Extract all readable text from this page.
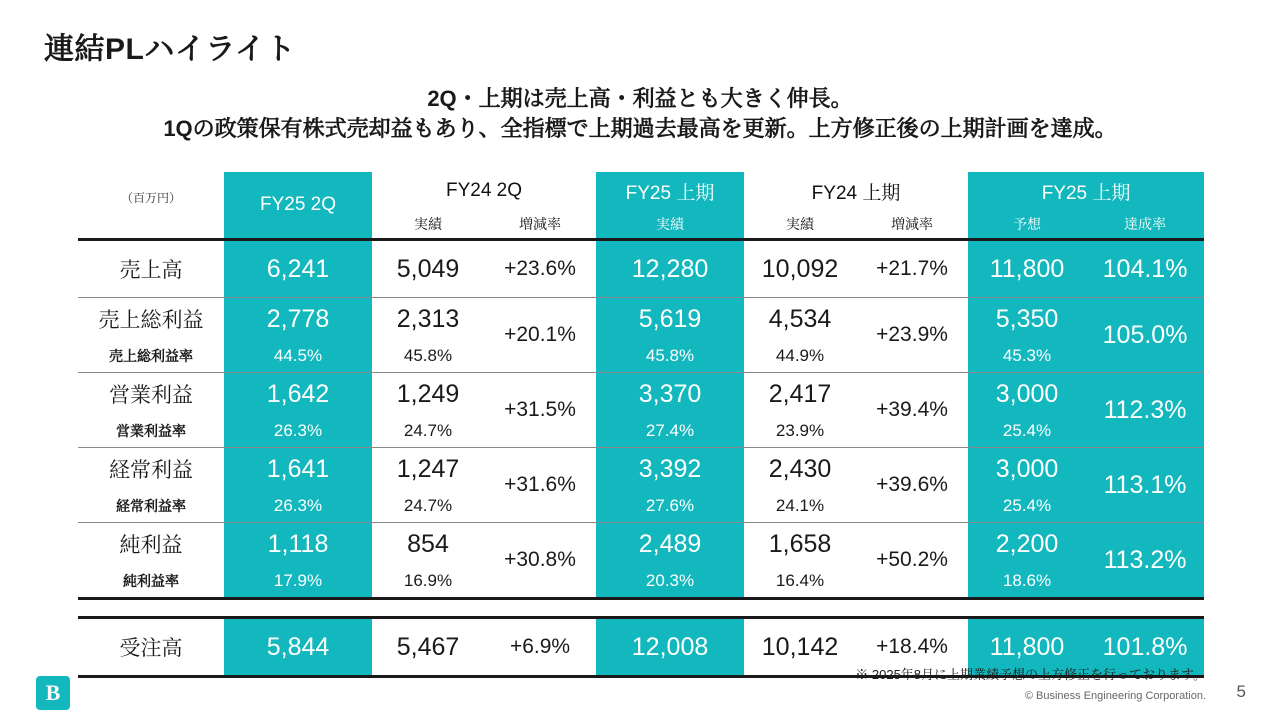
連結PLハイライト
2Q・上期は売上高・利益とも大きく伸長。
1Qの政策保有株式売却益もあり、全指標で上期過去最高を更新。上方修正後の上期計画を達成。
（百万円）	FY25 2Q	FY24 2Q		FY25 上期	FY24 上期		FY25 上期	
		実績	増減率	実績	実績	増減率	予想	達成率

売上高	6,241	5,049	+23.6%	12,280	10,092	+21.7%	11,800	104.1%

売上総利益	2,778	2,313	+20.1%	5,619	4,534	+23.9%	5,350	105.0%
売上総利益率	44.5%	45.8%		45.8%	44.9%		45.3%	

営業利益	1,642	1,249	+31.5%	3,370	2,417	+39.4%	3,000	112.3%
営業利益率	26.3%	24.7%		27.4%	23.9%		25.4%	

経常利益	1,641	1,247	+31.6%	3,392	2,430	+39.6%	3,000	113.1%
経常利益率	26.3%	24.7%		27.6%	24.1%		25.4%	

純利益	1,118	854	+30.8%	2,489	1,658	+50.2%	2,200	113.2%
純利益率	17.9%	16.9%		20.3%	16.4%		18.6%	

受注高	5,844	5,467	+6.9%	12,008	10,142	+18.4%	11,800	101.8%

※ 2025年8月に上期業績予想の上方修正を行っております。
© Business Engineering Corporation. 5
B
